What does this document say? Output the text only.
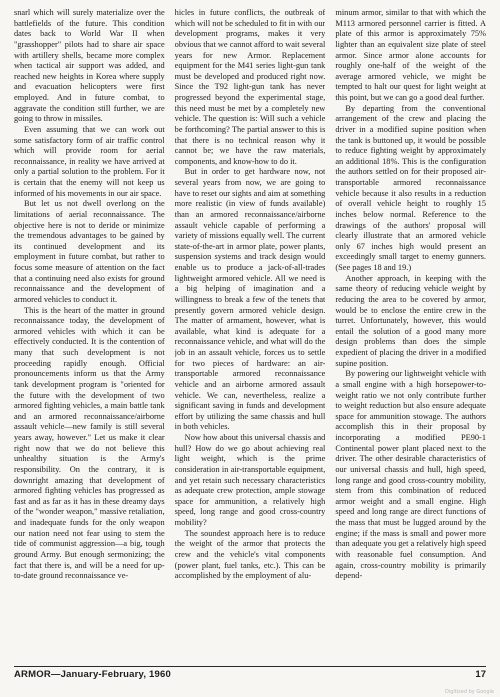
snarl which will surely materialize over the battlefields of the future. This condition dates back to World War II when "grasshopper" pilots had to share air space with artillery shells, became more complex when tactical air support was added, and reached new heights in Korea where supply and evacuation helicopters were first employed. And in future combat, to aggravate the condition still further, we are going to throw in missiles.

Even assuming that we can work out some satisfactory form of air traffic control which will provide room for aerial reconnaissance, in reality we have arrived at only a partial solution to the problem. For it is certain that the enemy will not keep us informed of his movements in our air space.

But let us not dwell overlong on the limitations of aerial reconnaissance. The objective here is not to deride or minimize the tremendous advantages to be gained by its continued development and its employment in future combat, but rather to focus some measure of attention on the fact that a continuing need also exists for ground reconnaissance and the development of armored vehicles to conduct it.

This is the heart of the matter in ground reconnaissance today, the development of armored vehicles with which it can be effectively conducted. It is the contention of many that such development is not proceeding rapidly enough. Official pronouncements inform us that the Army tank development program is "oriented for the future with the development of two armored fighting vehicles, a main battle tank and an armored reconnaissance/airborne assault vehicle—new family is still several years away, however." Let us make it clear right now that we do not believe this unhealthy situation is the Army's responsibility. On the contrary, it is downright amazing that development of armored fighting vehicles has progressed as fast and as far as it has in these dreamy days of the "wonder weapon," massive retaliation, and inadequate funds for the only weapon our nation need not fear using to stem the tide of communist aggression—a big, tough ground Army. But enough sermonizing; the fact that there is, and will be a need for up-to-date ground reconnaissance ve-

hicles in future conflicts, the outbreak of which will not be scheduled to fit in with our development programs, makes it very obvious that we cannot afford to wait several years for new Armor. Replacement equipment for the M41 series light-gun tank must be developed and produced right now. Since the T92 light-gun tank has never progressed beyond the experimental stage, this need must be met by a completely new vehicle. The question is: Will such a vehicle be forthcoming? The partial answer to this is that there is no technical reason why it cannot be; we have the raw materials, components, and know-how to do it.

But in order to get hardware now, not several years from now, we are going to have to reset our sights and aim at something more realistic (in view of funds available) than an armored reconnaissance/airborne assault vehicle capable of performing a variety of missions equally well. The current state-of-the-art in armor plate, power plants, suspension systems and track design would enable us to produce a jack-of-all-trades lightweight armored vehicle. All we need is a big helping of imagination and a willingness to break a few of the tenets that presently govern armored vehicle design. The matter of armament, however, what is available, what kind is adequate for a reconnaissance vehicle, and what will do the job in an assault vehicle, forces us to settle for two pieces of hardware: an air-transportable armored reconnaissance vehicle and an airborne armored assault vehicle. We can, nevertheless, realize a significant saving in funds and development effort by utilizing the same chassis and hull in both vehicles.

Now how about this universal chassis and hull? How do we go about achieving real light weight, which is the prime consideration in air-transportable equipment, and yet retain such necessary characteristics as adequate crew protection, ample stowage space for ammunition, a relatively high speed, long range and good cross-country mobility?

The soundest approach here is to reduce the weight of the armor that protects the crew and the vehicle's vital components (power plant, fuel tanks, etc.). This can be accomplished by the employment of alu-

minum armor, similar to that with which the M113 armored personnel carrier is fitted. A plate of this armor is approximately 75% lighter than an equivalent size plate of steel armor. Since armor alone accounts for roughly one-half of the weight of the average armored vehicle, we might be tempted to halt our quest for light weight at this point, but we can go a good deal further.

By departing from the conventional arrangement of the crew and placing the driver in a modified supine position when the tank is buttoned up, it would be possible to reduce fighting weight by approximately an additional 18%. This is the configuration the authors settled on for their proposed air-transportable armored reconnaissance vehicle because it also results in a reduction of overall vehicle height to roughly 15 inches below normal. Reference to the drawings of the authors' proposal will clearly illustrate that an armored vehicle only 67 inches high would present an exceedingly small target to enemy gunners. (See pages 18 and 19.)

Another approach, in keeping with the same theory of reducing vehicle weight by reducing the area to be covered by armor, would be to enclose the entire crew in the turret. Unfortunately, however, this would entail the solution of a good many more design problems than does the simple expedient of placing the driver in a modified supine position.

By powering our lightweight vehicle with a small engine with a high horsepower-to-weight ratio we not only contribute further to weight reduction but also ensure adequate space for ammunition stowage. The authors accomplish this in their proposal by incorporating a modified PE90-1 Continental power plant placed next to the driver. The other desirable characteristics of our universal chassis and hull, high speed, long range and good cross-country mobility, stem from this combination of reduced armor weight and a small engine. High speed and long range are direct functions of the mass that must be lugged around by the engine; if the mass is small and power more than adequate you get a relatively high speed with reasonable fuel consumption. And again, cross-country mobility is primarily depend-

ARMOR—January-February, 1960	17
Digitized by Google
